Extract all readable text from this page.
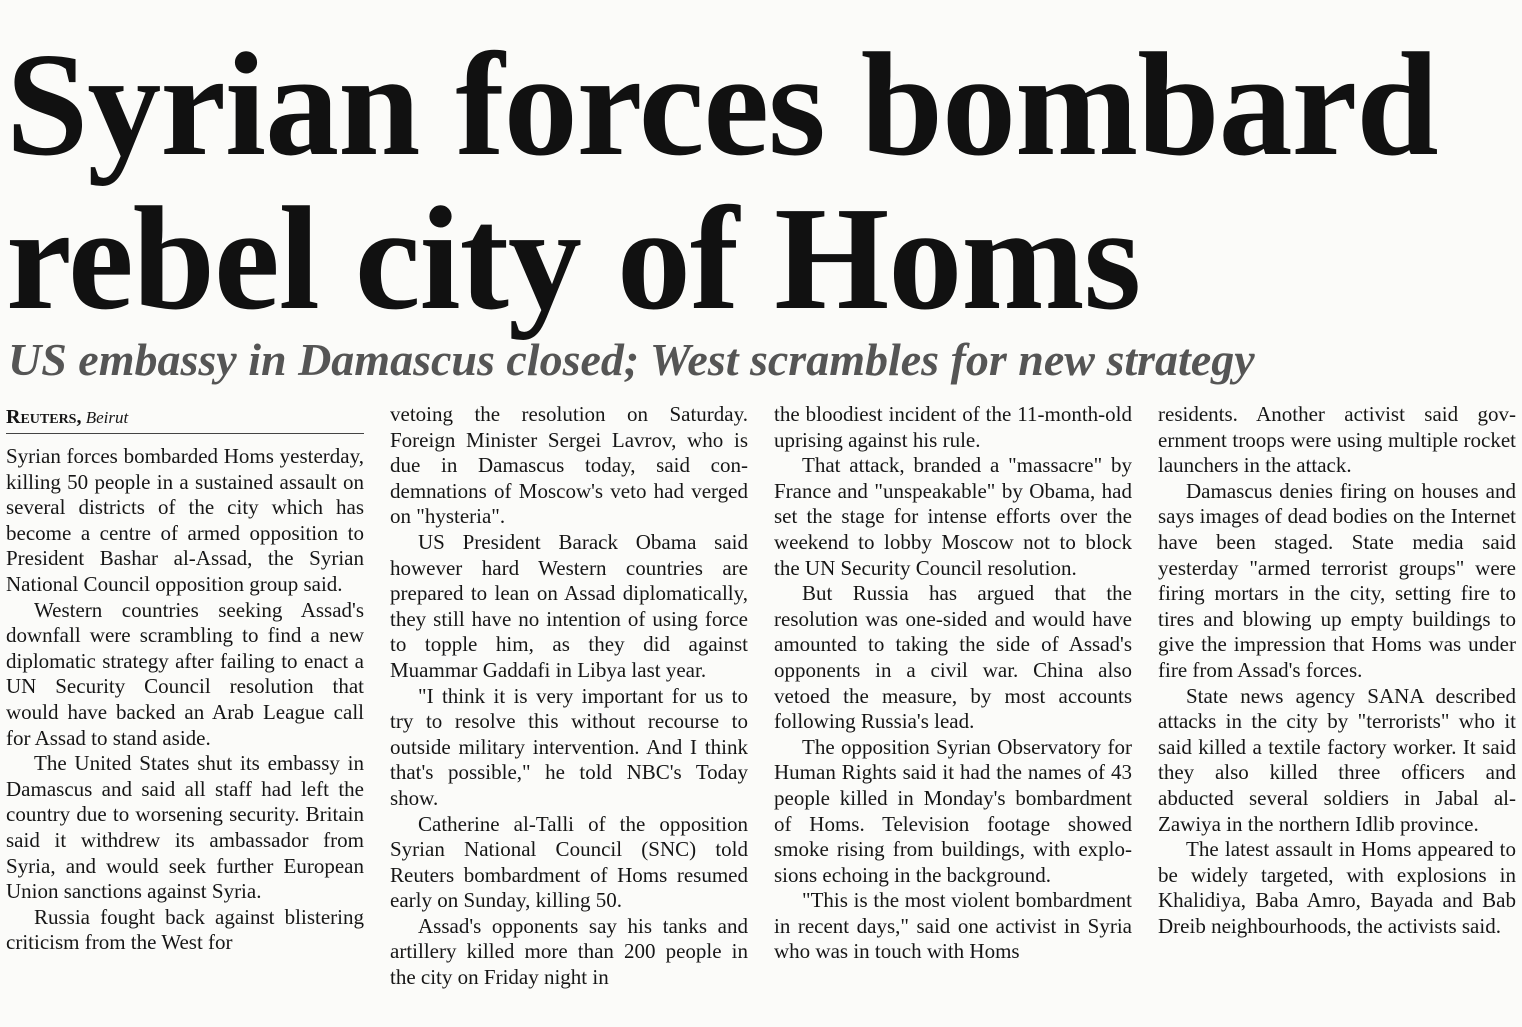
Syrian forces bombard rebel city of Homs
US embassy in Damascus closed; West scrambles for new strategy
Reuters, Beirut

Syrian forces bombarded Homs yesterday, killing 50 people in a sustained assault on several districts of the city which has become a centre of armed opposition to President Bashar al-Assad, the Syrian National Council opposition group said.

Western countries seeking Assad's downfall were scrambling to find a new diplomatic strategy after failing to enact a UN Security Council resolution that would have backed an Arab League call for Assad to stand aside.

The United States shut its embassy in Damascus and said all staff had left the country due to worsening security. Britain said it withdrew its ambassador from Syria, and would seek further European Union sanctions against Syria.

Russia fought back against blistering criticism from the West for

vetoing the resolution on Saturday. Foreign Minister Sergei Lavrov, who is due in Damascus today, said condemnations of Moscow's veto had verged on "hysteria".

US President Barack Obama said however hard Western countries are prepared to lean on Assad diplomatically, they still have no intention of using force to topple him, as they did against Muammar Gaddafi in Libya last year.

"I think it is very important for us to try to resolve this without recourse to outside military intervention. And I think that's possible," he told NBC's Today show.

Catherine al-Talli of the opposition Syrian National Council (SNC) told Reuters bombardment of Homs resumed early on Sunday, killing 50.

Assad's opponents say his tanks and artillery killed more than 200 people in the city on Friday night in

the bloodiest incident of the 11-month-old uprising against his rule.

That attack, branded a "massacre" by France and "unspeakable" by Obama, had set the stage for intense efforts over the weekend to lobby Moscow not to block the UN Security Council resolution.

But Russia has argued that the resolution was one-sided and would have amounted to taking the side of Assad's opponents in a civil war. China also vetoed the measure, by most accounts following Russia's lead.

The opposition Syrian Observatory for Human Rights said it had the names of 43 people killed in Monday's bombardment of Homs. Television footage showed smoke rising from buildings, with explosions echoing in the background.

"This is the most violent bombardment in recent days," said one activist in Syria who was in touch with Homs

residents. Another activist said government troops were using multiple rocket launchers in the attack.

Damascus denies firing on houses and says images of dead bodies on the Internet have been staged. State media said yesterday "armed terrorist groups" were firing mortars in the city, setting fire to tires and blowing up empty buildings to give the impression that Homs was under fire from Assad's forces.

State news agency SANA described attacks in the city by "terrorists" who it said killed a textile factory worker. It said they also killed three officers and abducted several soldiers in Jabal al-Zawiya in the northern Idlib province.

The latest assault in Homs appeared to be widely targeted, with explosions in Khalidiya, Baba Amro, Bayada and Bab Dreib neighbourhoods, the activists said.
